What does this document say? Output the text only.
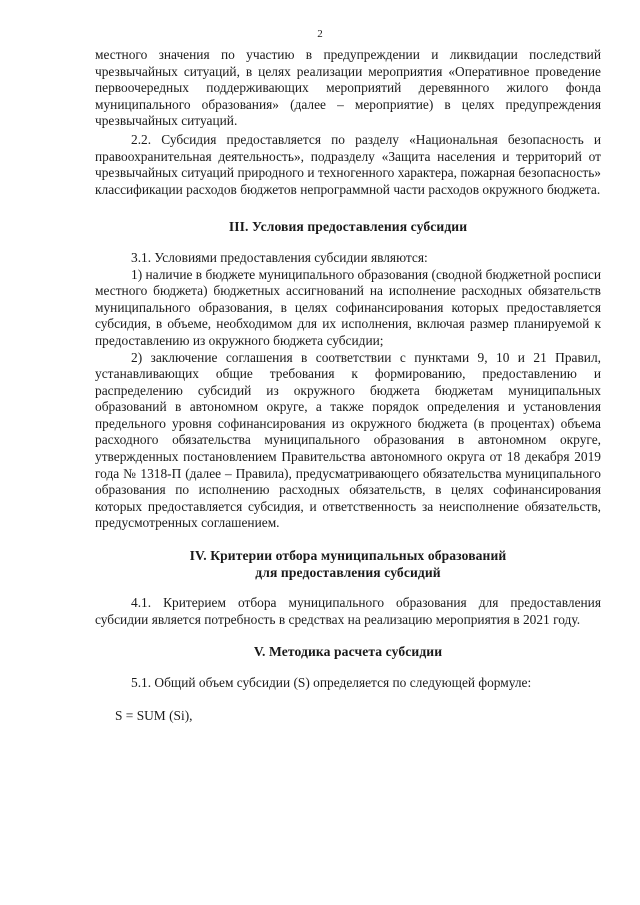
2

местного значения по участию в предупреждении и ликвидации последствий чрезвычайных ситуаций, в целях реализации мероприятия «Оперативное проведение первоочередных поддерживающих мероприятий деревянного жилого фонда муниципального образования» (далее – мероприятие) в целях предупреждения чрезвычайных ситуаций.

2.2. Субсидия предоставляется по разделу «Национальная безопасность и правоохранительная деятельность», подразделу «Защита населения и территорий от чрезвычайных ситуаций природного и техногенного характера, пожарная безопасность» классификации расходов бюджетов непрограммной части расходов окружного бюджета.

III. Условия предоставления субсидии

3.1. Условиями предоставления субсидии являются:

1) наличие в бюджете муниципального образования (сводной бюджетной росписи местного бюджета) бюджетных ассигнований на исполнение расходных обязательств муниципального образования, в целях софинансирования которых предоставляется субсидия, в объеме, необходимом для их исполнения, включая размер планируемой к предоставлению из окружного бюджета субсидии;

2) заключение соглашения в соответствии с пунктами 9, 10 и 21 Правил, устанавливающих общие требования к формированию, предоставлению и распределению субсидий из окружного бюджета бюджетам муниципальных образований в автономном округе, а также порядок определения и установления предельного уровня софинансирования из окружного бюджета (в процентах) объема расходного обязательства муниципального образования в автономном округе, утвержденных постановлением Правительства автономного округа от 18 декабря 2019 года № 1318-П (далее – Правила), предусматривающего обязательства муниципального образования по исполнению расходных обязательств, в целях софинансирования которых предоставляется субсидия, и ответственность за неисполнение обязательств, предусмотренных соглашением.

IV. Критерии отбора муниципальных образований
для предоставления субсидий

4.1. Критерием отбора муниципального образования для предоставления субсидии является потребность в средствах на реализацию мероприятия в 2021 году.

V. Методика расчета субсидии

5.1. Общий объем субсидии (S) определяется по следующей формуле:

S = SUM (Si),
